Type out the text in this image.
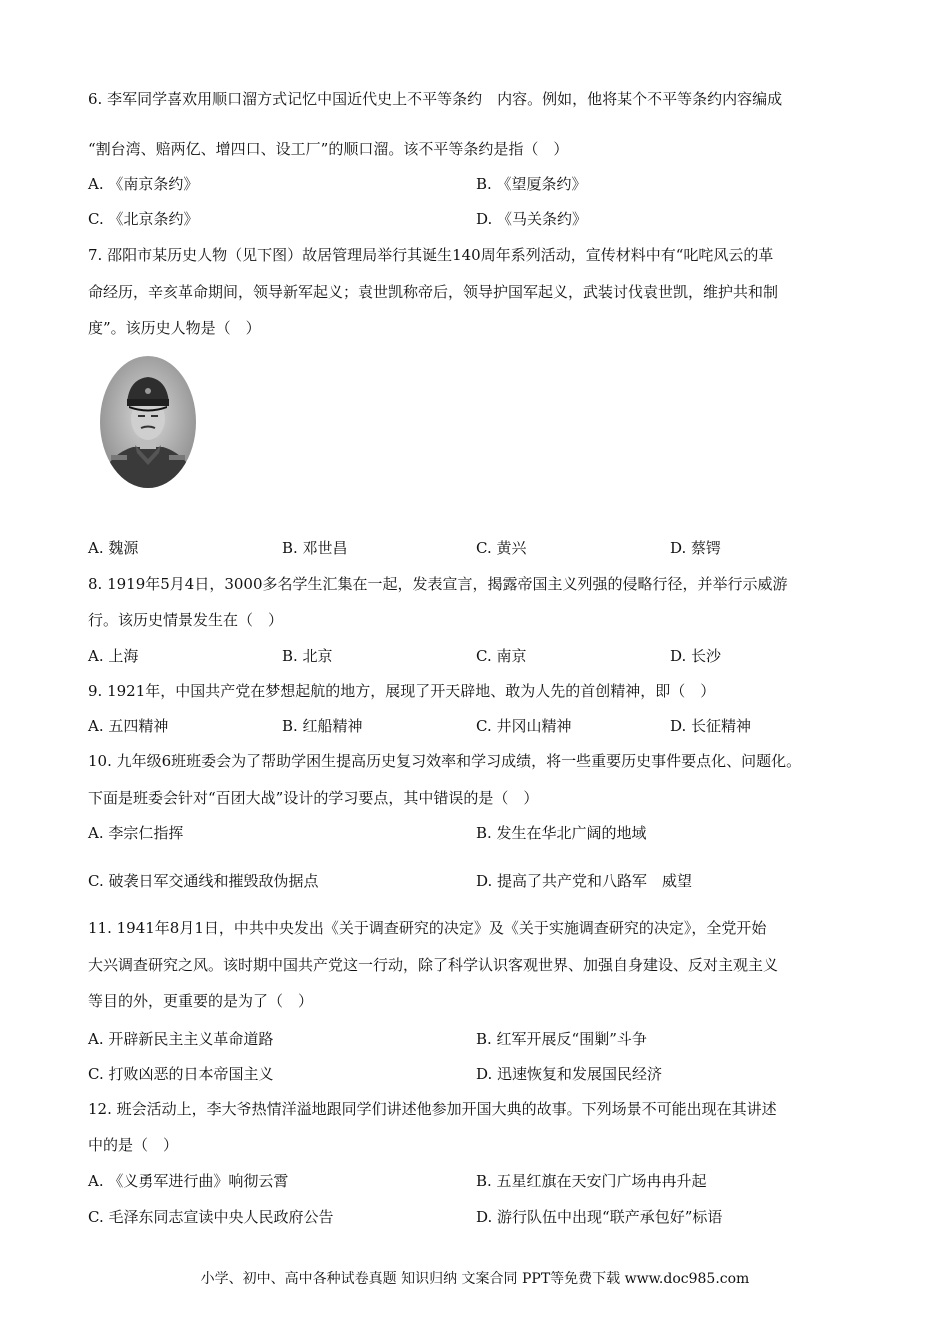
6. 李军同学喜欢用顺口溜方式记忆中国近代史上不平等条约　内容。例如，他将某个不平等条约内容编成
“割台湾、赔两亿、增四口、设工厂”的顺口溜。该不平等条约是指（　）
A. 《南京条约》	B. 《望厦条约》
C. 《北京条约》	D. 《马关条约》
7. 邵阳市某历史人物（见下图）故居管理局举行其诞生140周年系列活动，宣传材料中有“叱咤风云的革
命经历，辛亥革命期间，领导新军起义；袁世凯称帝后，领导护国军起义，武装讨伐袁世凯，维护共和制
度”。该历史人物是（　）
A. 魏源	B. 邓世昌	C. 黄兴	D. 蔡锷
8. 1919年5月4日，3000多名学生汇集在一起，发表宣言，揭露帝国主义列强的侵略行径，并举行示威游
行。该历史情景发生在（　）
A. 上海	B. 北京	C. 南京	D. 长沙
9. 1921年，中国共产党在梦想起航的地方，展现了开天辟地、敢为人先的首创精神，即（　）
A. 五四精神	B. 红船精神	C. 井冈山精神	D. 长征精神
10. 九年级6班班委会为了帮助学困生提高历史复习效率和学习成绩，将一些重要历史事件要点化、问题化。
下面是班委会针对“百团大战”设计的学习要点，其中错误的是（　）
A. 李宗仁指挥	B. 发生在华北广阔的地域
C. 破袭日军交通线和摧毁敌伪据点	D. 提高了共产党和八路军　威望
11. 1941年8月1日，中共中央发出《关于调查研究的决定》及《关于实施调查研究的决定》，全党开始
大兴调查研究之风。该时期中国共产党这一行动，除了科学认识客观世界、加强自身建设、反对主观主义
等目的外，更重要的是为了（　）
A. 开辟新民主主义革命道路	B. 红军开展反“围剿”斗争
C. 打败凶恶的日本帝国主义	D. 迅速恢复和发展国民经济
12. 班会活动上，李大爷热情洋溢地跟同学们讲述他参加开国大典的故事。下列场景不可能出现在其讲述
中的是（　）
A. 《义勇军进行曲》响彻云霄	B. 五星红旗在天安门广场冉冉升起
C. 毛泽东同志宣读中央人民政府公告	D. 游行队伍中出现“联产承包好”标语
小学、初中、高中各种试卷真题 知识归纳 文案合同 PPT等免费下载 www.doc985.com
